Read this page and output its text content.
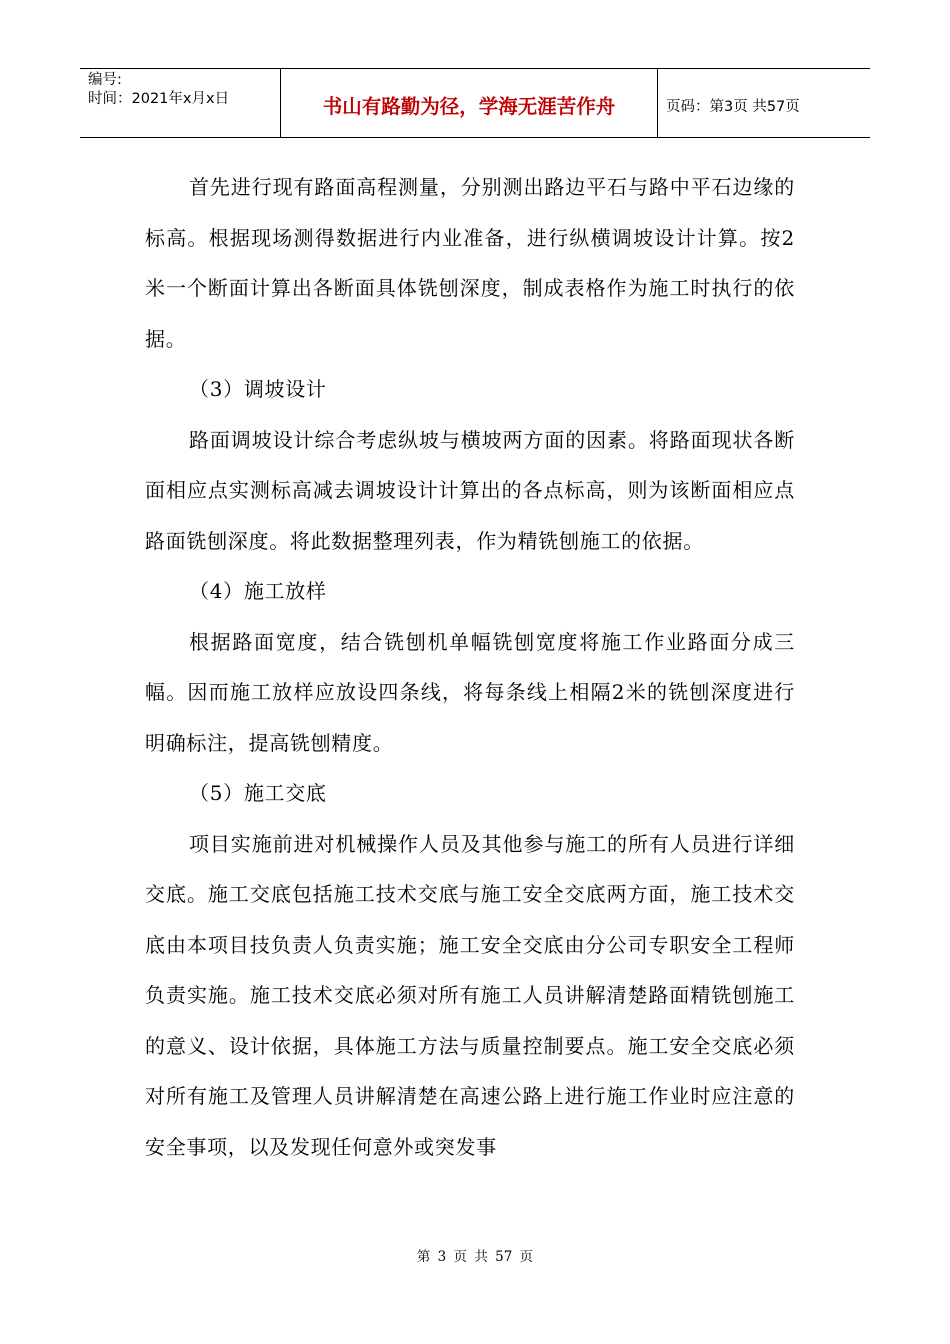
编号:
时间：2021年x月x日	书山有路勤为径，学海无涯苦作舟	页码：第3页 共57页

首先进行现有路面高程测量，分别测出路边平石与路中平石边缘的标高。根据现场测得数据进行内业准备，进行纵横调坡设计计算。按2米一个断面计算出各断面具体铣刨深度，制成表格作为施工时执行的依据。

（3）调坡设计

路面调坡设计综合考虑纵坡与横坡两方面的因素。将路面现状各断面相应点实测标高减去调坡设计计算出的各点标高，则为该断面相应点路面铣刨深度。将此数据整理列表，作为精铣刨施工的依据。

（4）施工放样

根据路面宽度，结合铣刨机单幅铣刨宽度将施工作业路面分成三幅。因而施工放样应放设四条线，将每条线上相隔2米的铣刨深度进行明确标注，提高铣刨精度。

（5）施工交底

项目实施前进对机械操作人员及其他参与施工的所有人员进行详细交底。施工交底包括施工技术交底与施工安全交底两方面，施工技术交底由本项目技负责人负责实施；施工安全交底由分公司专职安全工程师负责实施。施工技术交底必须对所有施工人员讲解清楚路面精铣刨施工的意义、设计依据，具体施工方法与质量控制要点。施工安全交底必须对所有施工及管理人员讲解清楚在高速公路上进行施工作业时应注意的安全事项，以及发现任何意外或突发事

第 3 页 共 57 页
